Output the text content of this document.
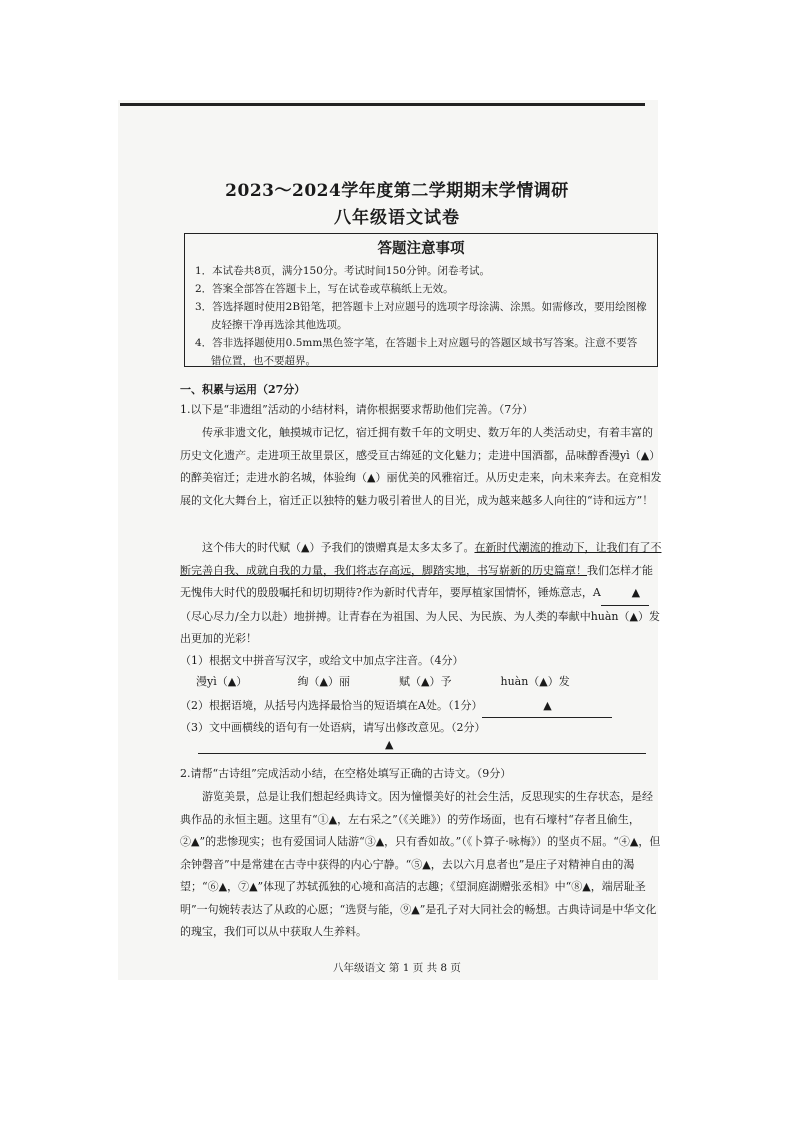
2023～2024学年度第二学期期末学情调研
八年级语文试卷
答题注意事项
1．本试卷共8页，满分150分。考试时间150分钟。闭卷考试。
2．答案全部答在答题卡上，写在试卷或草稿纸上无效。
3．答选择题时使用2B铅笔，把答题卡上对应题号的选项字母涂满、涂黑。如需修改，要用绘图橡皮轻擦干净再选涂其他选项。
4．答非选择题使用0.5mm黑色签字笔，在答题卡上对应题号的答题区域书写答案。注意不要答错位置，也不要超界。
一、积累与运用（27分）
1.以下是“非遗组”活动的小结材料，请你根据要求帮助他们完善。（7分）
传承非遗文化，触摸城市记忆，宿迁拥有数千年的文明史、数万年的人类活动史，有着丰富的历史文化遗产。走进项王故里景区，感受亘古绵延的文化魅力；走进中国酒都，品味醇香漫yì（▲）的醉美宿迁；走进水韵名城，体验绚（▲）丽优美的风雅宿迁。从历史走来，向未来奔去。在竞相发展的文化大舞台上，宿迁正以独特的魅力吸引着世人的目光，成为越来越多人向往的“诗和远方”！
这个伟大的时代赋（▲）予我们的馈赠真是太多太多了。在新时代潮流的推动下，让我们有了不断完善自我、成就自我的力量，我们将志存高远，脚踏实地，书写崭新的历史篇章！我们怎样才能无愧伟大时代的殷殷嘱托和切切期待?作为新时代青年，要厚植家国情怀，锤炼意志，A	▲（尽心尽力/全力以赴）地拼搏。让青春在为祖国、为人民、为民族、为人类的奉献中huàn（▲）发出更加的光彩！
（1）根据文中拼音写汉字，或给文中加点字注音。（4分）
漫yì（▲）	绚（▲）丽	赋（▲）予	huàn（▲）发
（2）根据语境，从括号内选择最恰当的短语填在A处。（1分）	▲
（3）文中画横线的语句有一处语病，请写出修改意见。（2分）
▲
2.请帮“古诗组”完成活动小结，在空格处填写正确的古诗文。（9分）
游览美景，总是让我们想起经典诗文。因为憧憬美好的社会生活，反思现实的生存状态，是经典作品的永恒主题。这里有“①▲，左右采之”（《关雎》）的劳作场面，也有石壕村“存者且偷生，②▲”的悲惨现实；也有爱国词人陆游“③▲，只有香如故。”（《卜算子·咏梅》）的坚贞不屈。“④▲，但余钟磬音”中是常建在古寺中获得的内心宁静。“⑤▲，去以六月息者也”是庄子对精神自由的渴望；“⑥▲，⑦▲”体现了苏轼孤独的心境和高洁的志趣；《望洞庭湖赠张丞相》中“⑧▲，端居耻圣明”一句婉转表达了从政的心愿；“选贤与能，⑨▲”是孔子对大同社会的畅想。古典诗词是中华文化的瑰宝，我们可以从中获取人生养料。
八年级语文 第 1 页 共 8 页
